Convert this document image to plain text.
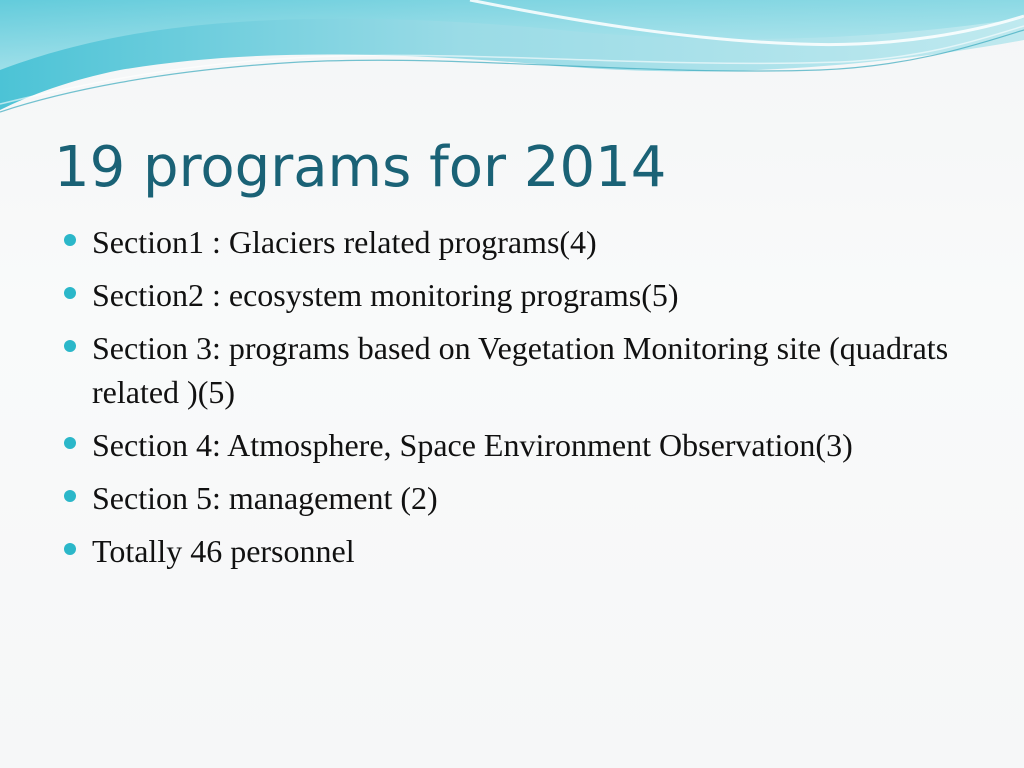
19 programs for 2014
Section1 : Glaciers related programs(4)
Section2 : ecosystem monitoring programs(5)
Section 3: programs based on Vegetation Monitoring site (quadrats related )(5)
Section 4: Atmosphere, Space Environment Observation(3)
Section 5: management (2)
Totally 46 personnel
